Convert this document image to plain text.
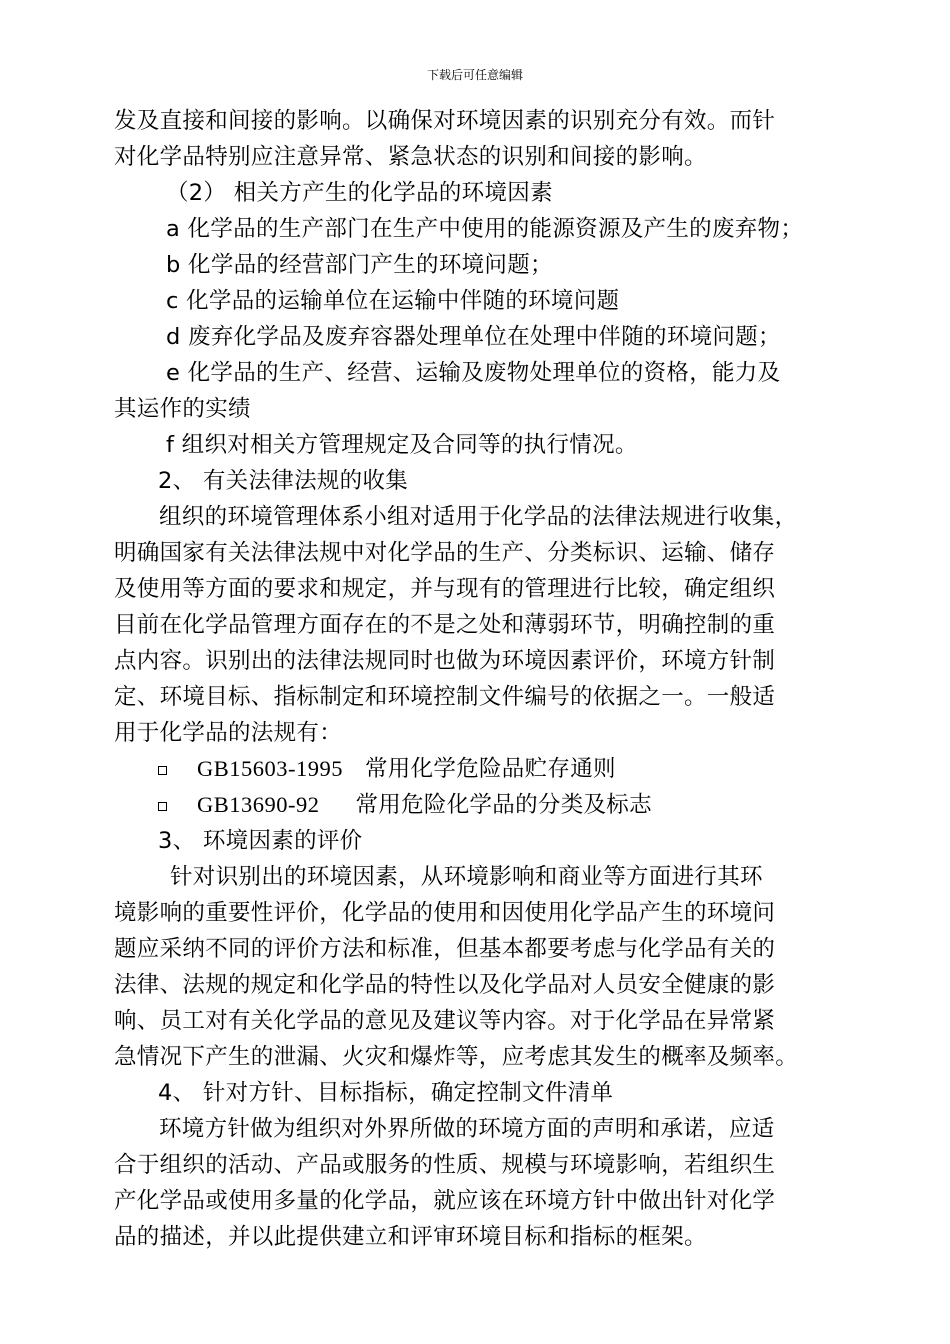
下载后可任意编辑
发及直接和间接的影响。以确保对环境因素的识别充分有效。而针
对化学品特别应注意异常、紧急状态的识别和间接的影响。
（2） 相关方产生的化学品的环境因素
a 化学品的生产部门在生产中使用的能源资源及产生的废弃物；
b 化学品的经营部门产生的环境问题；
c 化学品的运输单位在运输中伴随的环境问题
d 废弃化学品及废弃容器处理单位在处理中伴随的环境问题；
e 化学品的生产、经营、运输及废物处理单位的资格，能力及
其运作的实绩
f 组织对相关方管理规定及合同等的执行情况。
2、 有关法律法规的收集
组织的环境管理体系小组对适用于化学品的法律法规进行收集，
明确国家有关法律法规中对化学品的生产、分类标识、运输、储存
及使用等方面的要求和规定，并与现有的管理进行比较，确定组织
目前在化学品管理方面存在的不是之处和薄弱环节，明确控制的重
点内容。识别出的法律法规同时也做为环境因素评价，环境方针制
定、环境目标、指标制定和环境控制文件编号的依据之一。一般适
用于化学品的法规有：
GB15603-1995 常用化学危险品贮存通则
GB13690-92 常用危险化学品的分类及标志
3、 环境因素的评价
针对识别出的环境因素，从环境影响和商业等方面进行其环
境影响的重要性评价，化学品的使用和因使用化学品产生的环境问
题应采纳不同的评价方法和标准，但基本都要考虑与化学品有关的
法律、法规的规定和化学品的特性以及化学品对人员安全健康的影
响、员工对有关化学品的意见及建议等内容。对于化学品在异常紧
急情况下产生的泄漏、火灾和爆炸等，应考虑其发生的概率及频率。
4、 针对方针、目标指标，确定控制文件清单
环境方针做为组织对外界所做的环境方面的声明和承诺，应适
合于组织的活动、产品或服务的性质、规模与环境影响，若组织生
产化学品或使用多量的化学品，就应该在环境方针中做出针对化学
品的描述，并以此提供建立和评审环境目标和指标的框架。
